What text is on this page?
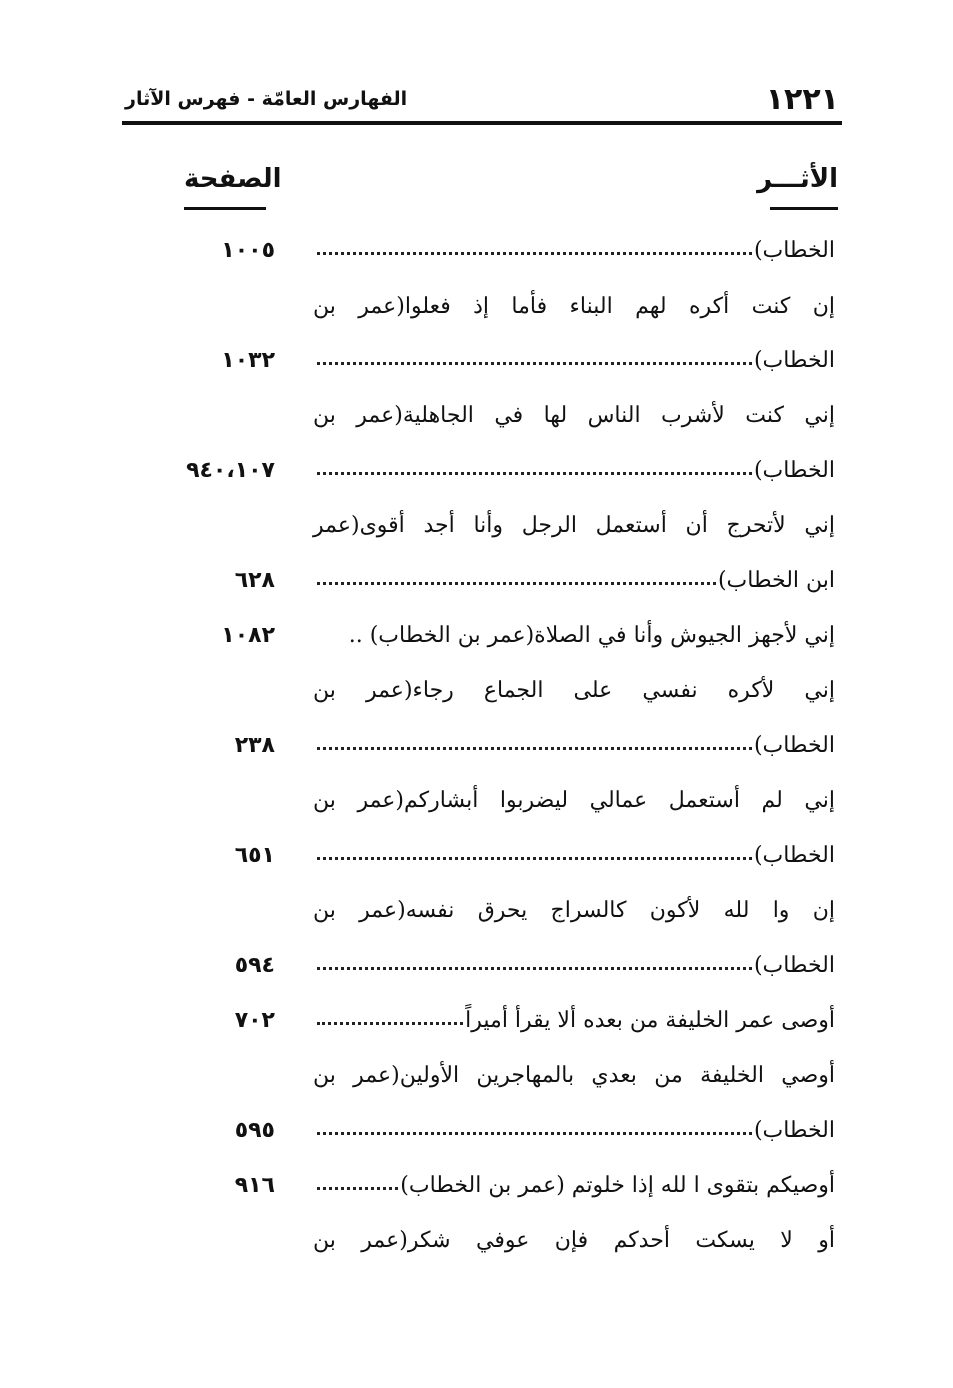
الفهارس العامّة - فهرس الآثار	١٢٢١
الأثـــر
الصفحة
الخطاب)
١٠٠٥
إن كنت أكره لهم البناء فأما إذ فعلوا(عمر بن
الخطاب)
١٠٣٢
إني كنت لأشرب الناس لها في الجاهلية(عمر بن
الخطاب)
٩٤٠،١٠٧
إني لأتحرج أن أستعمل الرجل وأنا أجد أقوى(عمر
ابن الخطاب)
٦٢٨
إني لأجهز الجيوش وأنا في الصلاة(عمر بن الخطاب) ..
١٠٨٢
إني لأكره نفسي على الجماع رجاء(عمر بن
الخطاب)
٢٣٨
إني لم أستعمل عمالي ليضربوا أبشاركم(عمر بن
الخطاب)
٦٥١
إن وا لله لأكون كالسراج يحرق نفسه(عمر بن
الخطاب)
٥٩٤
أوصى عمر الخليفة من بعده ألا يقرأ أميراً
٧٠٢
أوصي الخليفة من بعدي بالمهاجرين الأولين(عمر بن
الخطاب)
٥٩٥
أوصيكم بتقوى ا لله إذا خلوتم (عمر بن الخطاب)
٩١٦
أو لا يسكت أحدكم فإن عوفي شكر(عمر بن
